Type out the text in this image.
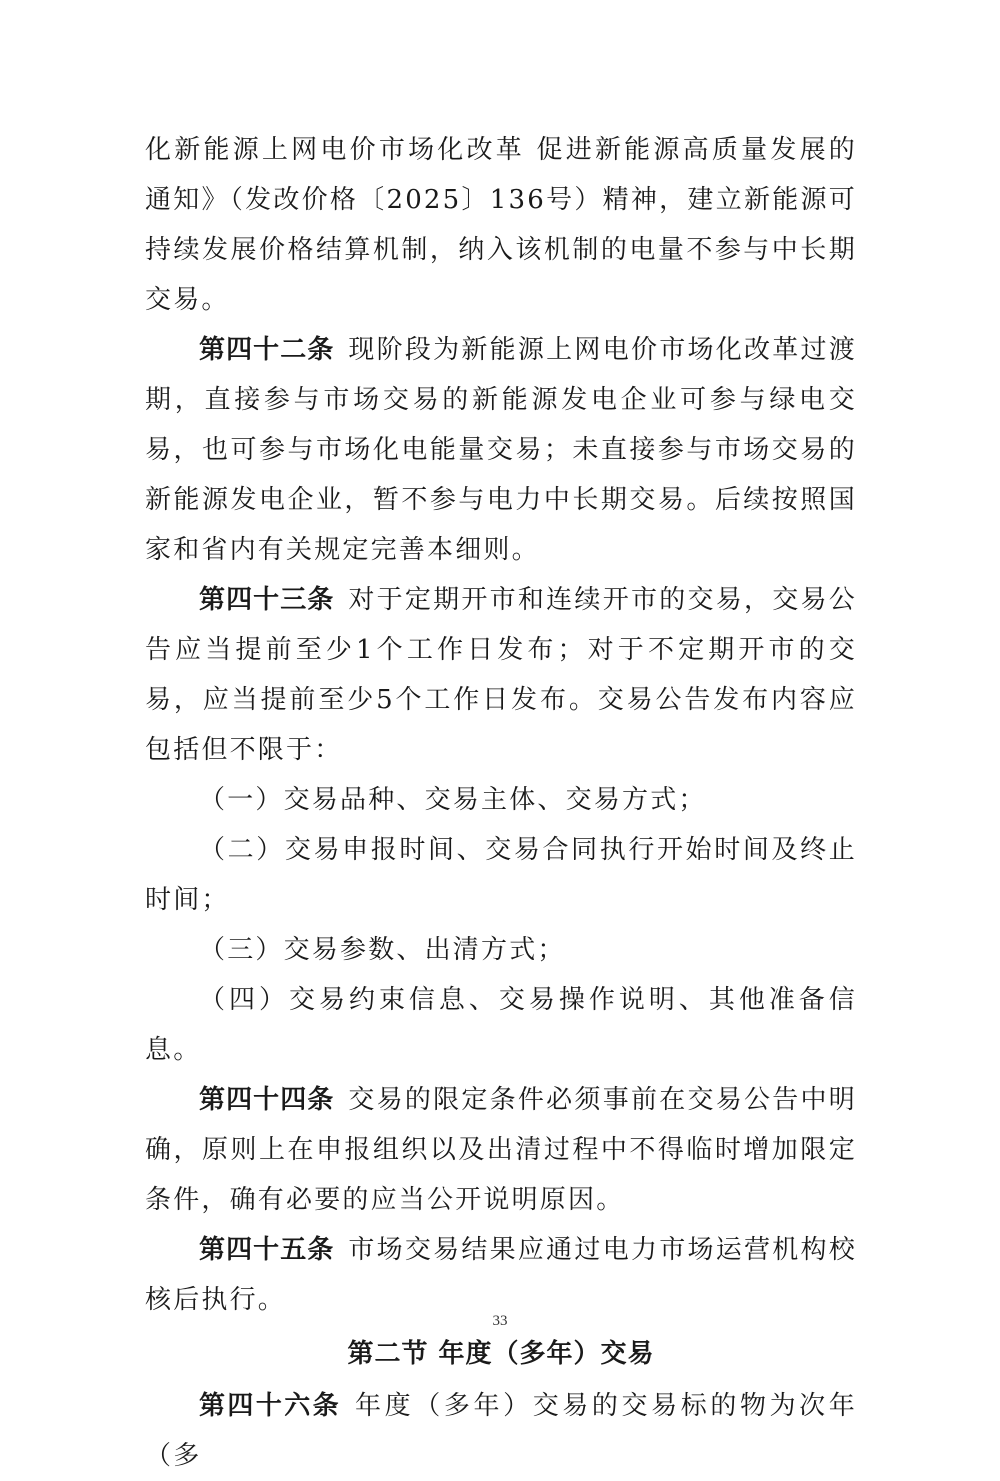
化新能源上网电价市场化改革 促进新能源高质量发展的通知》（发改价格〔2025〕136号）精神，建立新能源可持续发展价格结算机制，纳入该机制的电量不参与中长期交易。

第四十二条 现阶段为新能源上网电价市场化改革过渡期，直接参与市场交易的新能源发电企业可参与绿电交易，也可参与市场化电能量交易；未直接参与市场交易的新能源发电企业，暂不参与电力中长期交易。后续按照国家和省内有关规定完善本细则。

第四十三条 对于定期开市和连续开市的交易，交易公告应当提前至少1个工作日发布；对于不定期开市的交易，应当提前至少5个工作日发布。交易公告发布内容应包括但不限于：

（一）交易品种、交易主体、交易方式；

（二）交易申报时间、交易合同执行开始时间及终止时间；

（三）交易参数、出清方式；

（四）交易约束信息、交易操作说明、其他准备信息。

第四十四条 交易的限定条件必须事前在交易公告中明确，原则上在申报组织以及出清过程中不得临时增加限定条件，确有必要的应当公开说明原因。

第四十五条 市场交易结果应通过电力市场运营机构校核后执行。

第二节 年度（多年）交易

第四十六条 年度（多年）交易的交易标的物为次年（多

33
